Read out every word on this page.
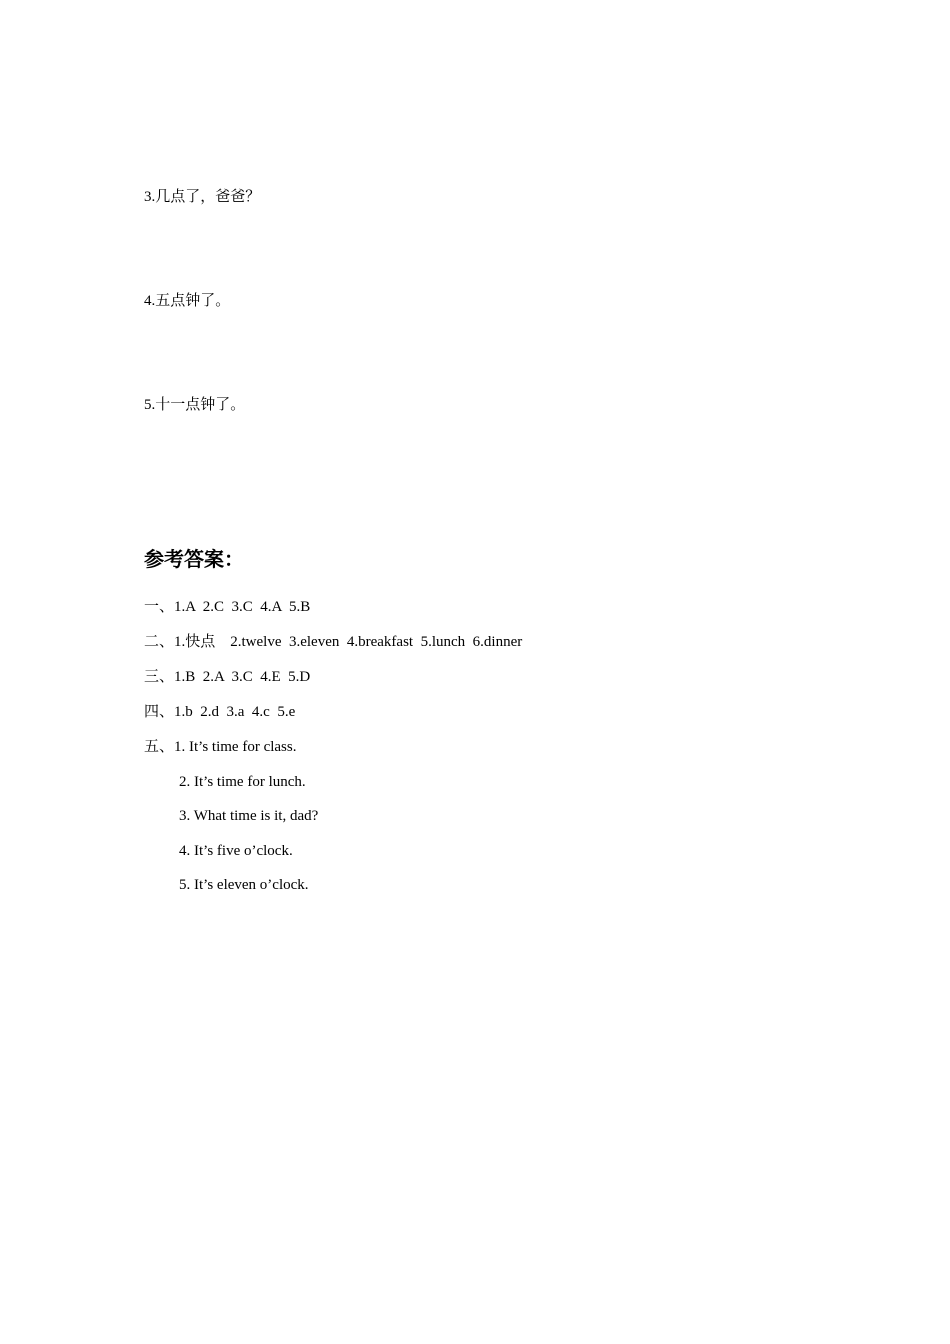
3.几点了，爸爸？
4.五点钟了。
5.十一点钟了。
参考答案：
一、1.A  2.C  3.C  4.A  5.B
二、1.快点    2.twelve  3.eleven  4.breakfast  5.lunch  6.dinner
三、1.B  2.A  3.C  4.E  5.D
四、1.b  2.d  3.a  4.c  5.e
五、1. It’s time for class.
2. It’s time for lunch.
3. What time is it, dad?
4. It’s five o’clock.
5. It’s eleven o’clock.
